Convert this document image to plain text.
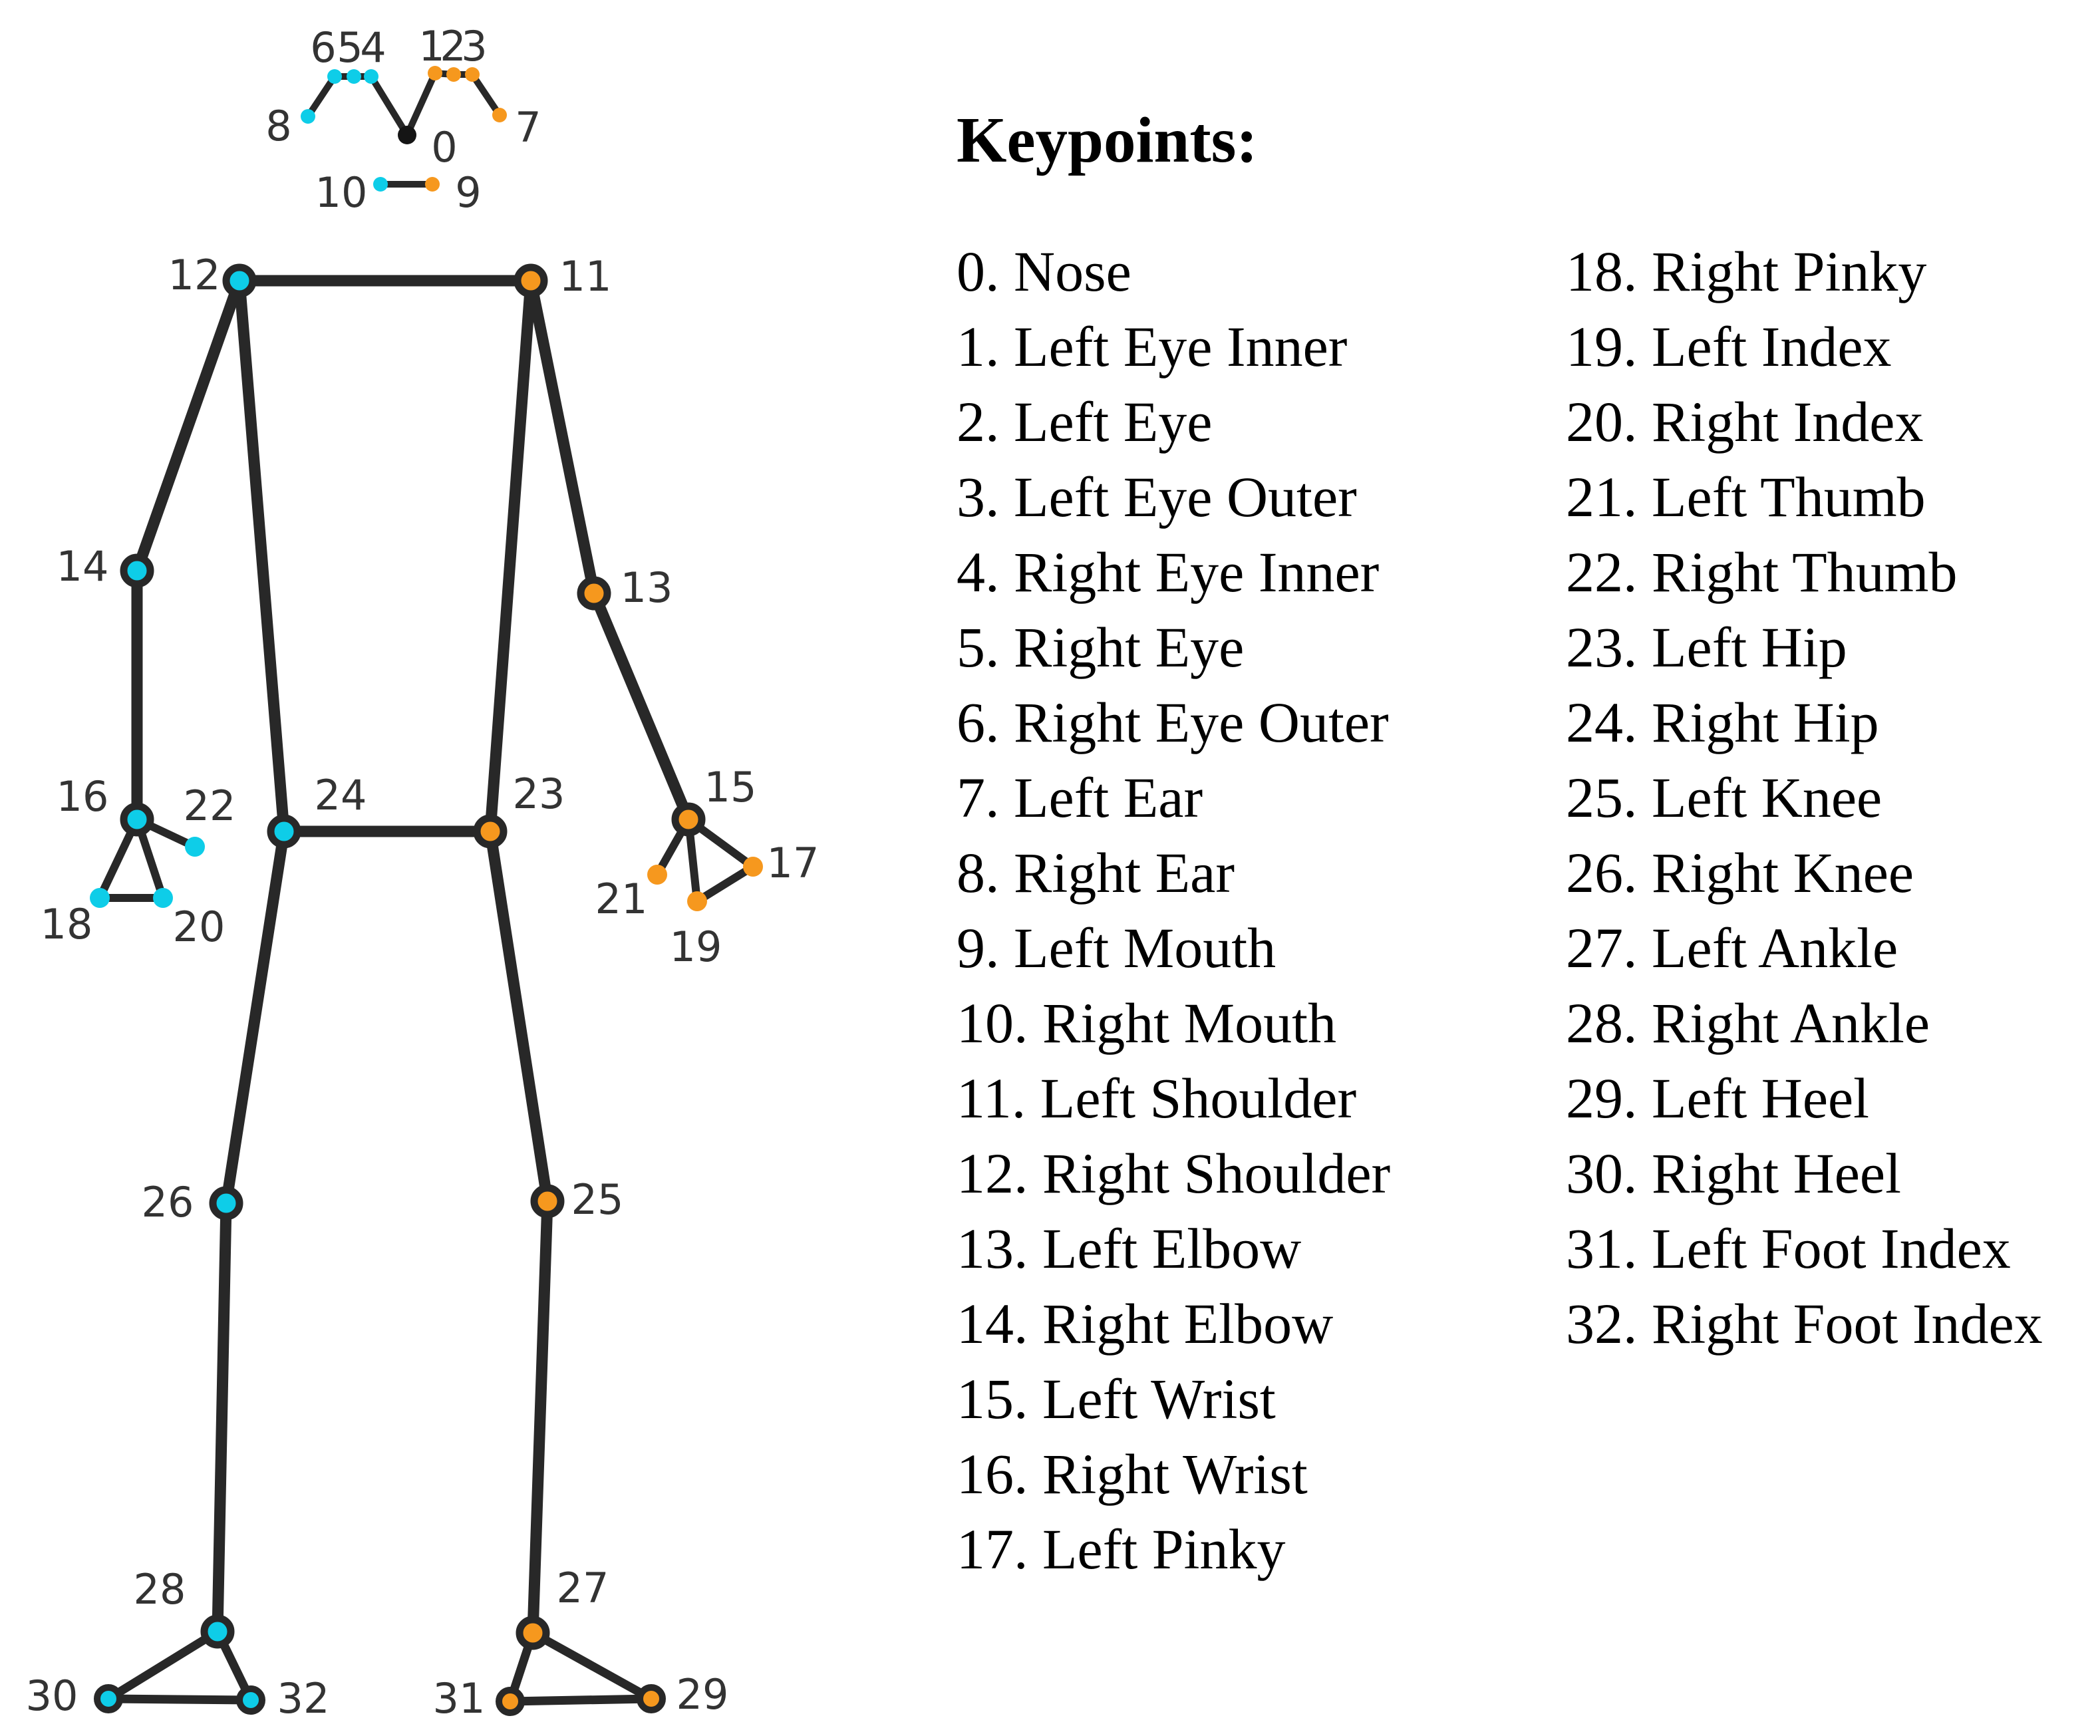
0
1
2
3
4
5
6
7
8
9
10
11
12
13
14
15
16
17
18	19
20
21
22	23
24
25
26
27
28
29
30	31
32
Keypoints:
0. Nose
1. Left Eye Inner
2. Left Eye
3. Left Eye Outer
4. Right Eye Inner
5. Right Eye
6. Right Eye Outer
7. Left Ear
8. Right Ear
9. Left Mouth
10. Right Mouth
11. Left Shoulder
12. Right Shoulder
13. Left Elbow
14. Right Elbow
15. Left Wrist
16. Right Wrist
17. Left Pinky
18. Right Pinky
19. Left Index
20. Right Index
21. Left Thumb
22. Right Thumb
23. Left Hip
24. Right Hip
25. Left Knee
26. Right Knee
27. Left Ankle
28. Right Ankle
29. Left Heel
30. Right Heel
31. Left Foot Index
32. Right Foot Index
